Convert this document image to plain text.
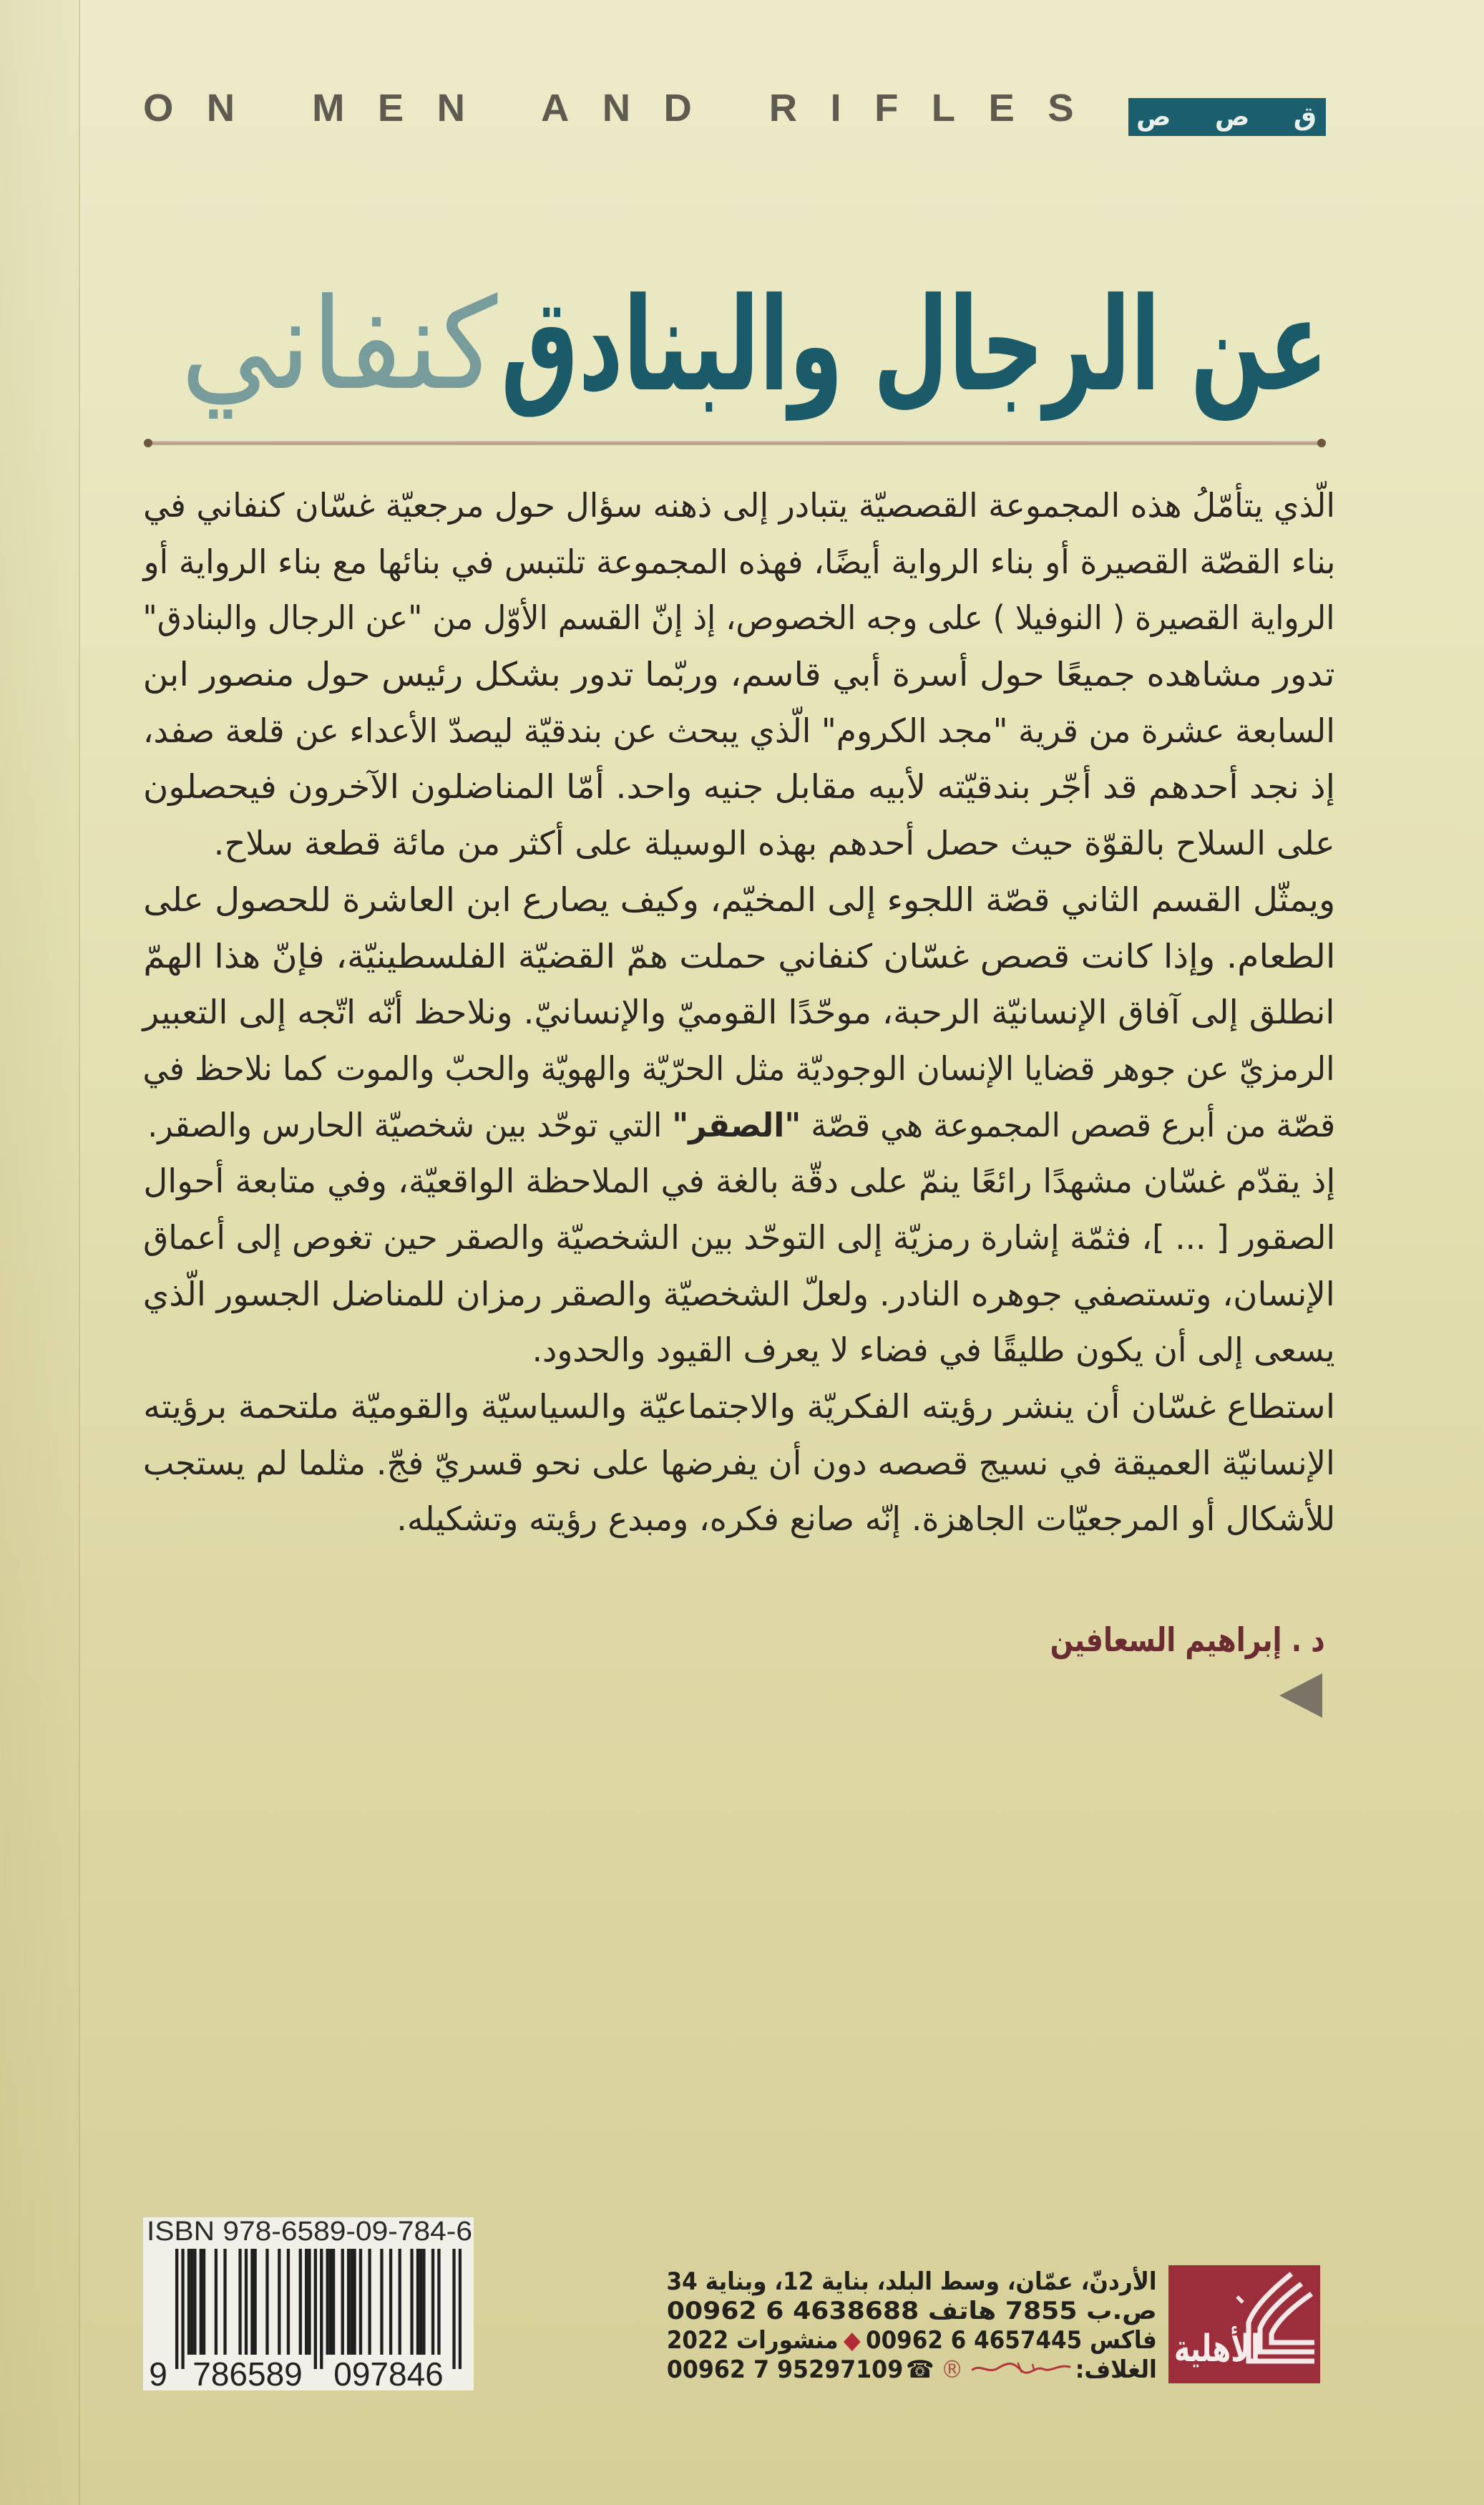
ON MEN AND RIFLES	ق
ص
ص
عن الرجال والبنادق
كنفاني
الّذي يتأمّلُ هذه المجموعة القصصيّة يتبادر إلى ذهنه سؤال حول مرجعيّة غسّان كنفاني في
بناء القصّة القصيرة أو بناء الرواية أيضًا، فهذه المجموعة تلتبس في بنائها مع بناء الرواية أو
الرواية القصيرة ( النوفيلا ) على وجه الخصوص، إذ إنّ القسم الأوّل من "عن الرجال والبنادق"
تدور مشاهده جميعًا حول أسرة أبي قاسم، وربّما تدور بشكل رئيس حول منصور ابن
السابعة عشرة من قرية "مجد الكروم" الّذي يبحث عن بندقيّة ليصدّ الأعداء عن قلعة صفد،
إذ نجد أحدهم قد أجّر بندقيّته لأبيه مقابل جنيه واحد. أمّا المناضلون الآخرون فيحصلون
على السلاح بالقوّة حيث حصل أحدهم بهذه الوسيلة على أكثر من مائة قطعة سلاح.
ويمثّل القسم الثاني قصّة اللجوء إلى المخيّم، وكيف يصارع ابن العاشرة للحصول على
الطعام. وإذا كانت قصص غسّان كنفاني حملت همّ القضيّة الفلسطينيّة، فإنّ هذا الهمّ
انطلق إلى آفاق الإنسانيّة الرحبة، موحّدًا القوميّ والإنسانيّ. ونلاحظ أنّه اتّجه إلى التعبير
الرمزيّ عن جوهر قضايا الإنسان الوجوديّة مثل الحرّيّة والهويّة والحبّ والموت كما نلاحظ في
قصّة من أبرع قصص المجموعة هي قصّة "الصقر" التي توحّد بين شخصيّة الحارس والصقر.
إذ يقدّم غسّان مشهدًا رائعًا ينمّ على دقّة بالغة في الملاحظة الواقعيّة، وفي متابعة أحوال
الصقور [ ... ]، فثمّة إشارة رمزيّة إلى التوحّد بين الشخصيّة والصقر حين تغوص إلى أعماق
الإنسان، وتستصفي جوهره النادر. ولعلّ الشخصيّة والصقر رمزان للمناضل الجسور الّذي
يسعى إلى أن يكون طليقًا في فضاء لا يعرف القيود والحدود.
استطاع غسّان أن ينشر رؤيته الفكريّة والاجتماعيّة والسياسيّة والقوميّة ملتحمة برؤيته
الإنسانيّة العميقة في نسيج قصصه دون أن يفرضها على نحو قسريّ فجّ. مثلما لم يستجب
للأشكال أو المرجعيّات الجاهزة. إنّه صانع فكره، ومبدع رؤيته وتشكيله.
د . إبراهيم السعافين
ISBN 978-6589-09-784-6
9 786589 097846
الأردنّ، عمّان، وسط البلد، بناية 12، وبناية 34
ص.ب 7855 هاتف 4638688 6 00962
فاكس 4657445 6 00962◆منشورات 2022
الغلاف:®☎95297109 7 00962	الأهلية
